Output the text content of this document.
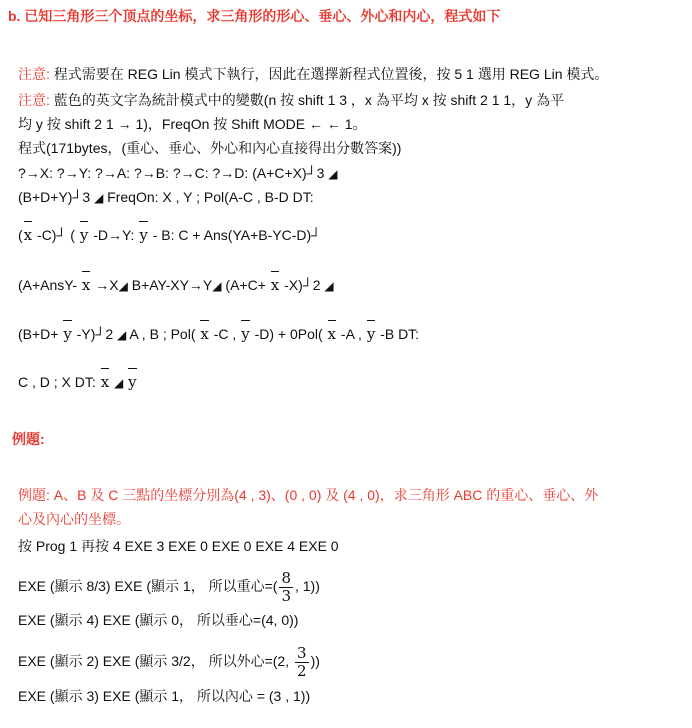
b. 已知三角形三个顶点的坐标，求三角形的形心、垂心、外心和内心，程式如下
注意: 程式需要在 REG Lin 模式下執行，因此在選擇新程式位置後，按 5 1 選用 REG Lin 模式。
注意: 藍色的英文字為統計模式中的變數(n 按 shift 1 3 ，x 為平均 x 按 shift 2 1 1，y 為平
均 y 按 shift 2 1 → 1)，FreqOn 按 Shift MODE ← ← 1。
程式(171bytes，(重心、垂心、外心和內心直接得出分數答案))
?→X: ?→Y: ?→A: ?→B: ?→C: ?→D: (A+C+X)┘3 ◢
(B+D+Y)┘3 ◢ FreqOn: X , Y ; Pol(A-C , B-D DT:
(x -C)┘ ( y -D→Y: y - B: C + Ans(YA+B-YC-D)┘
(A+AnsY- x →X◢ B+AY-XY→Y◢ (A+C+ x -X)┘2 ◢
(B+D+ y -Y)┘2 ◢ A , B ; Pol( x -C , y -D) + 0Pol( x -A , y -B DT:
C , D ; X DT: x ◢ y
例題:
例題: A、B 及 C 三點的坐標分別為(4 , 3)、(0 , 0) 及 (4 , 0)，求三角形 ABC 的重心、垂心、外
心及內心的坐標。
按 Prog 1 再按 4 EXE 3 EXE 0 EXE 0 EXE 4 EXE 0
EXE (顯示 8/3) EXE (顯示 1， 所以重心=( $\frac{8}{3}$ , 1))
EXE (顯示 4) EXE (顯示 0， 所以垂心=(4, 0))
EXE (顯示 2) EXE (顯示 3/2， 所以外心=(2, $\frac{3}{2}$ ))
EXE (顯示 3) EXE (顯示 1， 所以內心 = (3 , 1))
